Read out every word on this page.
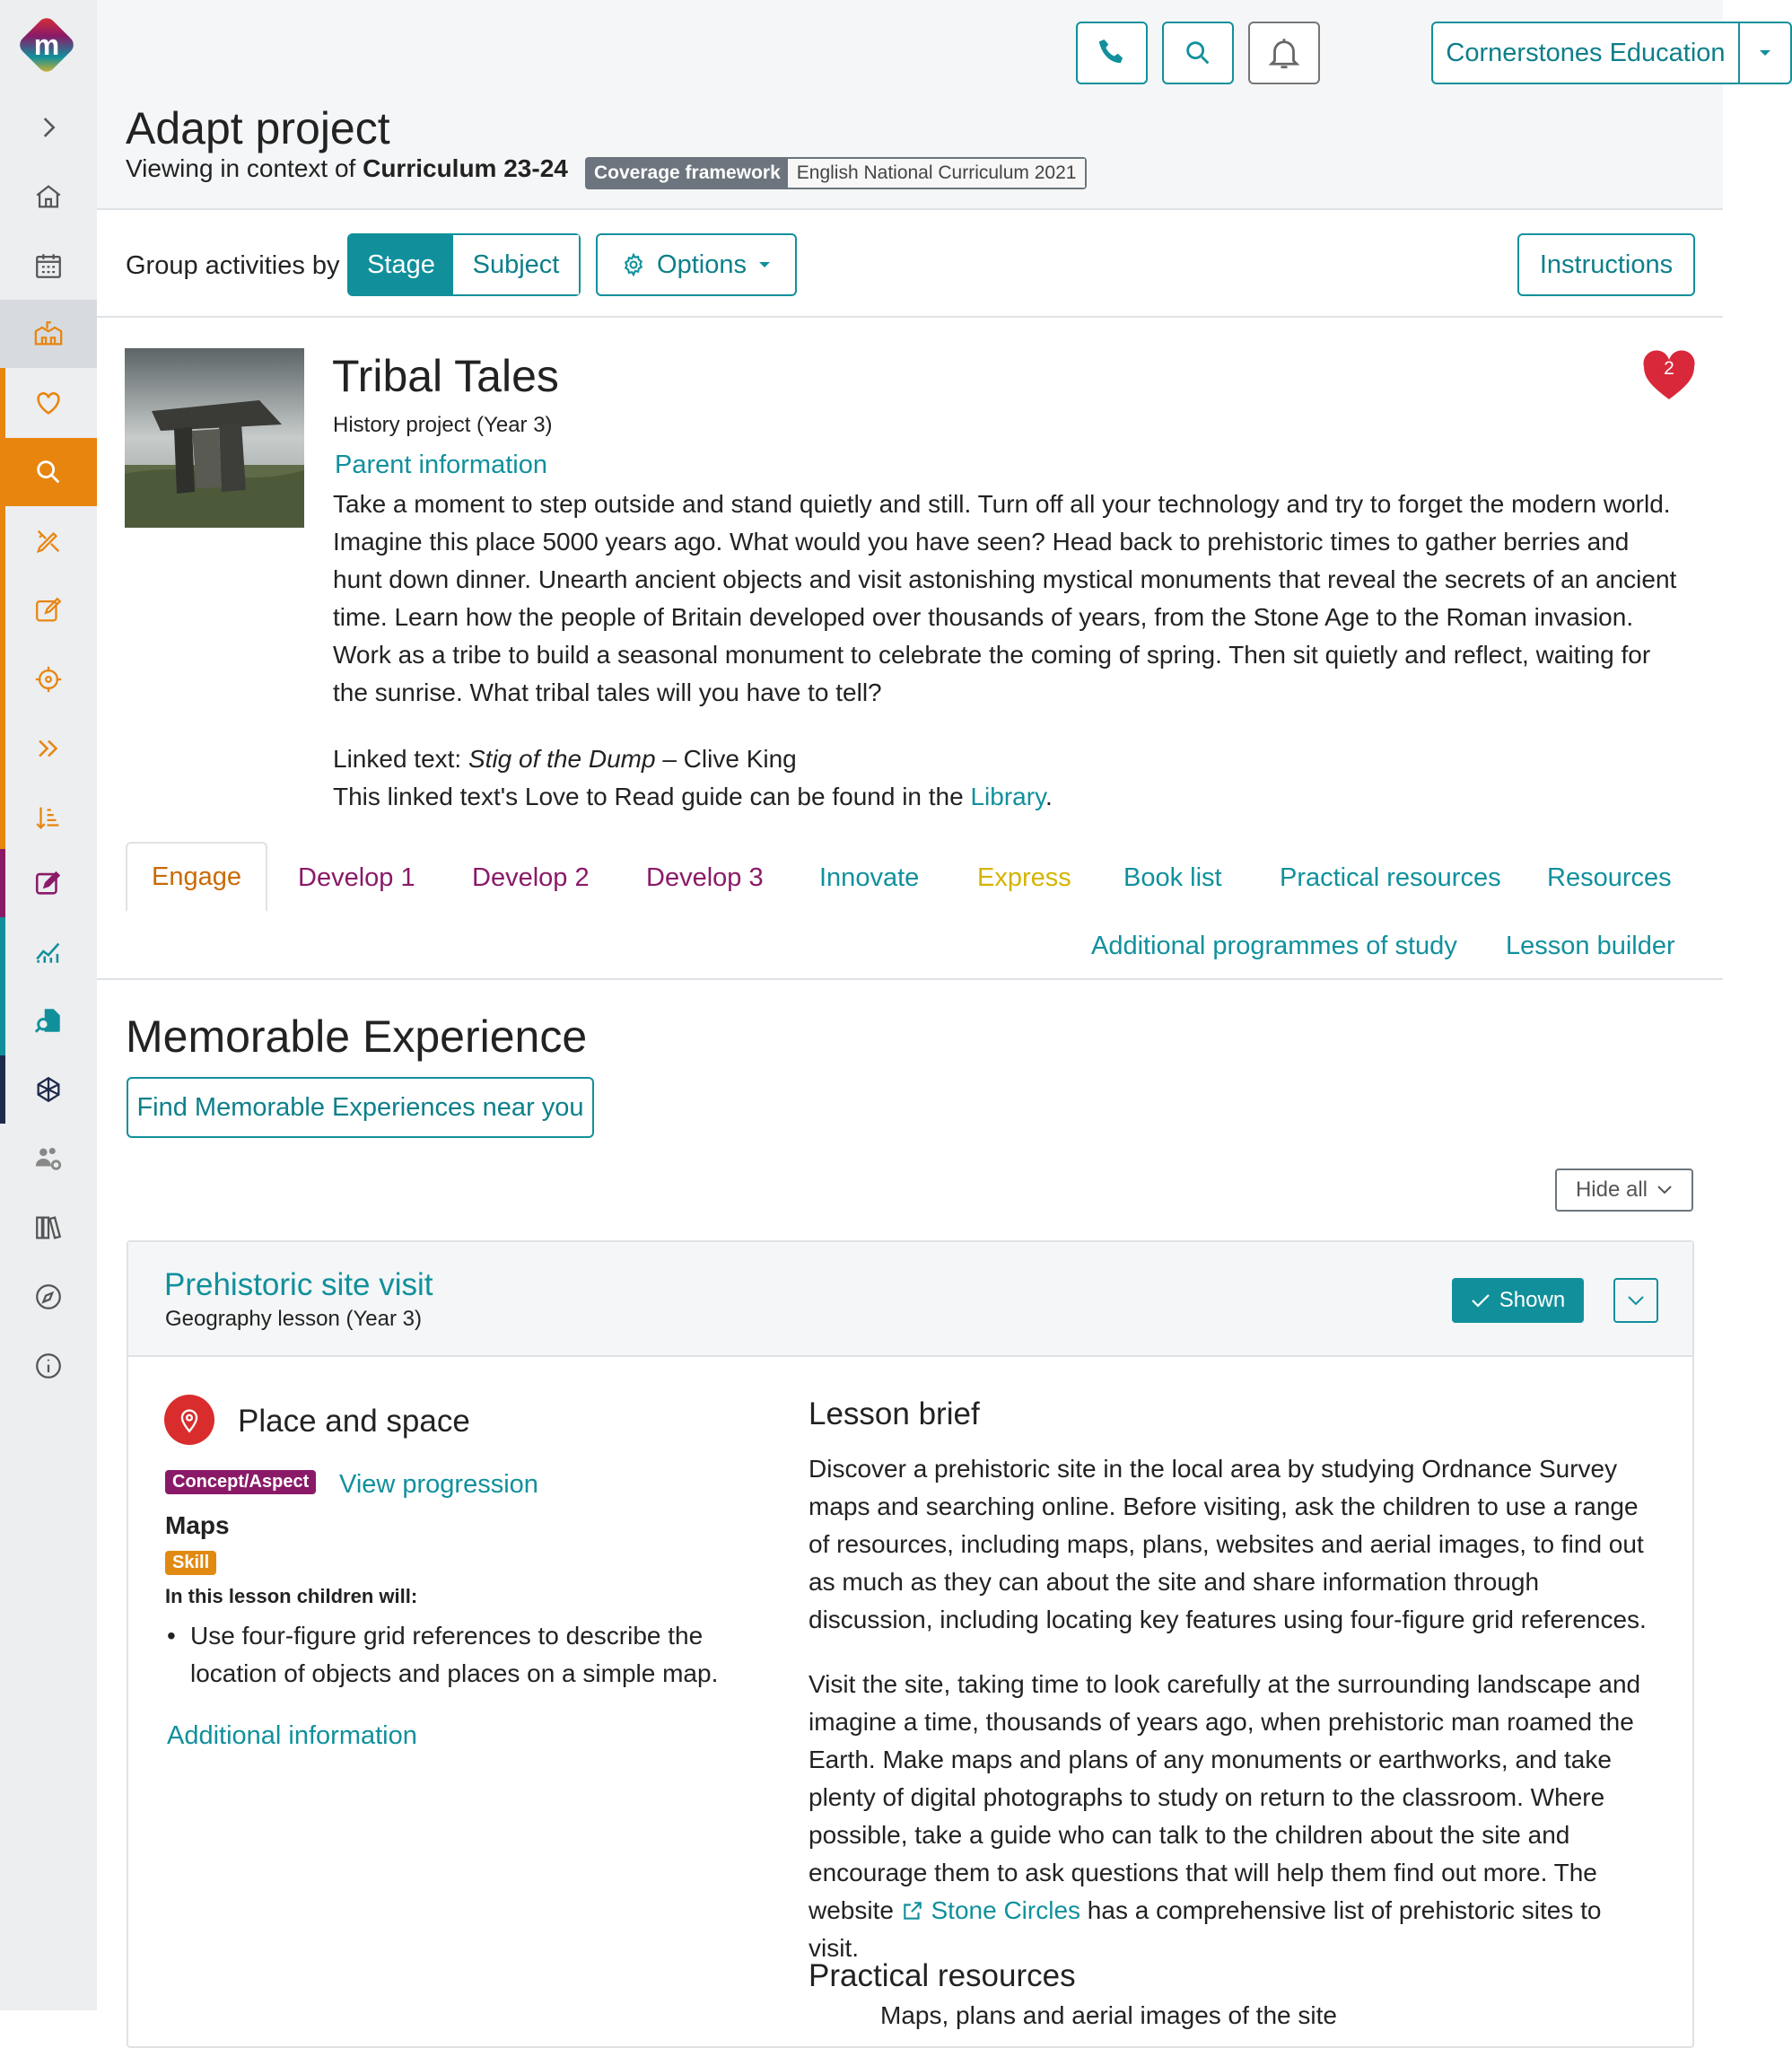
m	Cornerstones Education
Adapt project
Viewing in context of Curriculum 23-24	Coverage framework English National Curriculum 2021
Group activities by	Stage	Subject	Options	Instructions
Tribal Tales
History project (Year 3)
Parent information
Take a moment to step outside and stand quietly and still. Turn off all your technology and try to forget the modern world. Imagine this place 5000 years ago. What would you have seen? Head back to prehistoric times to gather berries and hunt down dinner. Unearth ancient objects and visit astonishing mystical monuments that reveal the secrets of an ancient time. Learn how the people of Britain developed over thousands of years, from the Stone Age to the Roman invasion. Work as a tribe to build a seasonal monument to celebrate the coming of spring. Then sit quietly and reflect, waiting for the sunrise. What tribal tales will you have to tell?
Linked text: Stig of the Dump – Clive King
This linked text's Love to Read guide can be found in the Library.
2
Engage Develop 1 Develop 2 Develop 3 Innovate Express Book list Practical resources Resources
Additional programmes of study Lesson builder
Memorable Experience
Find Memorable Experiences near you
Hide all
Prehistoric site visit
Geography lesson (Year 3)
Shown
Place and space
Concept/Aspect View progression
Maps
Skill
In this lesson children will:
• Use four-figure grid references to describe the location of objects and places on a simple map.
Additional information
Lesson brief
Discover a prehistoric site in the local area by studying Ordnance Survey maps and searching online. Before visiting, ask the children to use a range of resources, including maps, plans, websites and aerial images, to find out as much as they can about the site and share information through discussion, including locating key features using four-figure grid references.
Visit the site, taking time to look carefully at the surrounding landscape and imagine a time, thousands of years ago, when prehistoric man roamed the Earth. Make maps and plans of any monuments or earthworks, and take plenty of digital photographs to study on return to the classroom. Where possible, take a guide who can talk to the children about the site and encourage them to ask questions that will help them find out more. The website Stone Circles has a comprehensive list of prehistoric sites to visit.
Practical resources
Maps, plans and aerial images of the site
